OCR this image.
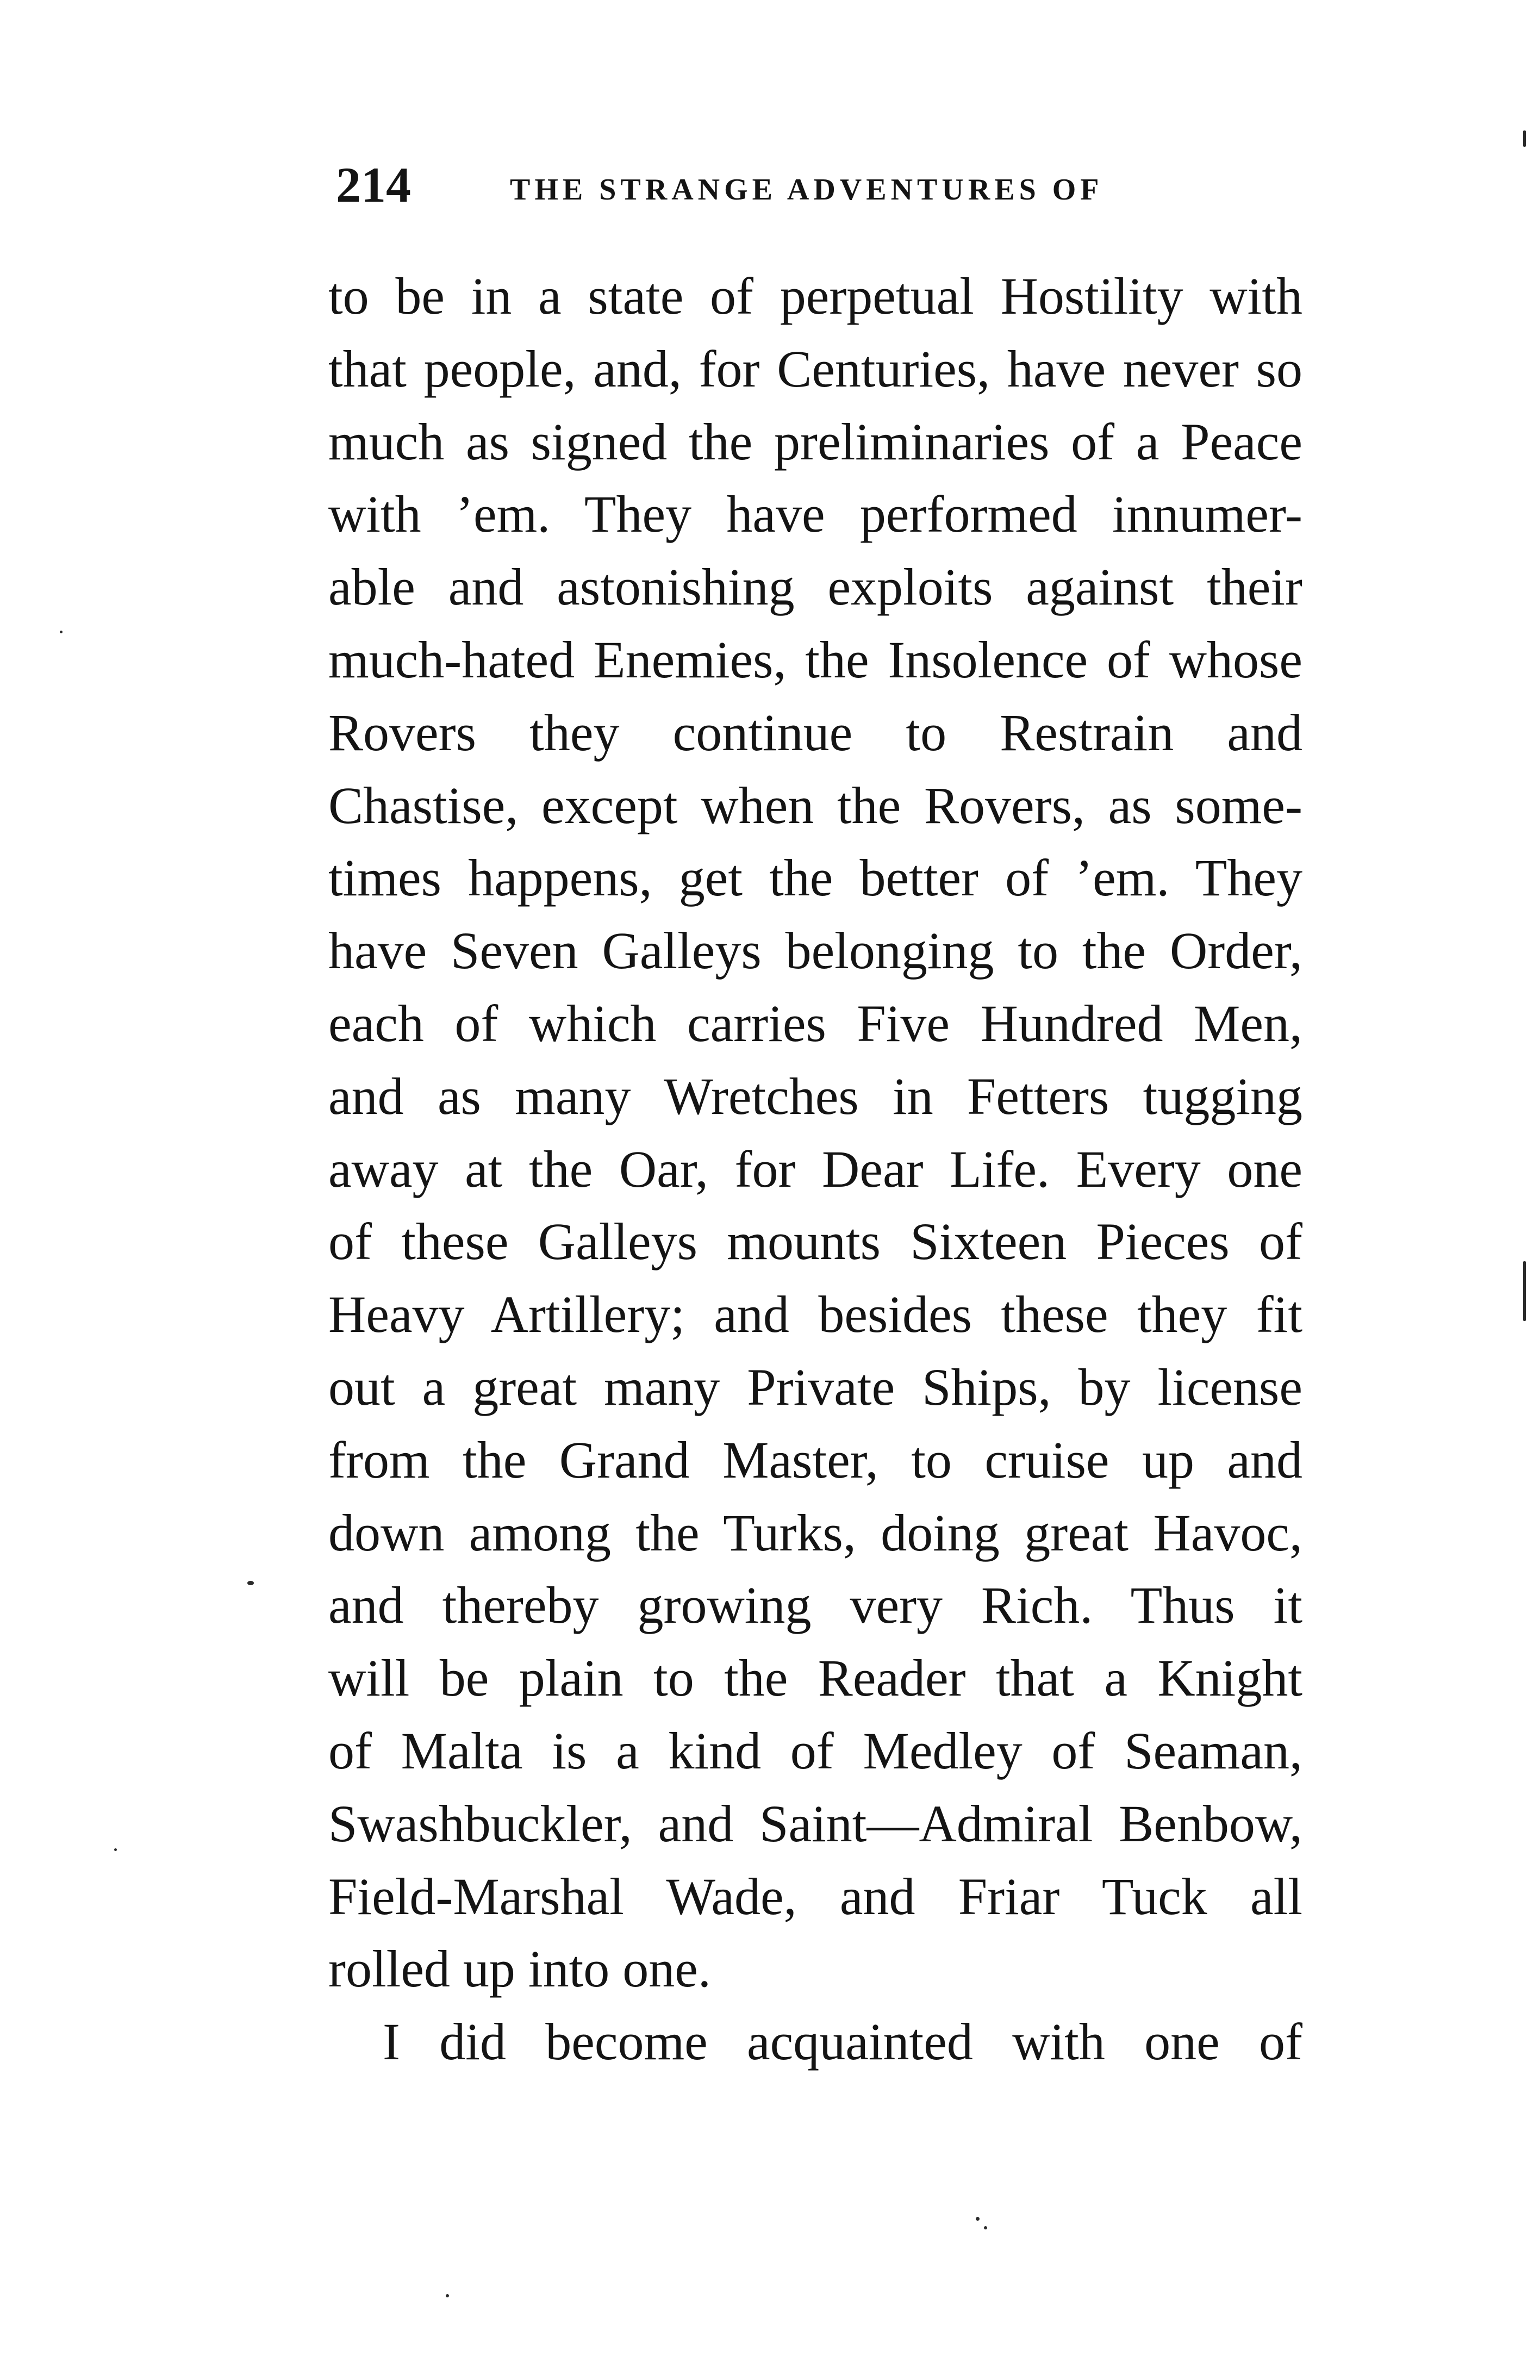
214	THE STRANGE ADVENTURES OF
to be in a state of perpetual Hostility with
that people, and, for Centuries, have never so
much as signed the preliminaries of a Peace
with ’em. They have performed innumer-
able and astonishing exploits against their
much-hated Enemies, the Insolence of whose
Rovers they continue to Restrain and
Chastise, except when the Rovers, as some-
times happens, get the better of ’em. They
have Seven Galleys belonging to the Order,
each of which carries Five Hundred Men,
and as many Wretches in Fetters tugging
away at the Oar, for Dear Life. Every one
of these Galleys mounts Sixteen Pieces of
Heavy Artillery; and besides these they fit
out a great many Private Ships, by license
from the Grand Master, to cruise up and
down among the Turks, doing great Havoc,
and thereby growing very Rich. Thus it
will be plain to the Reader that a Knight
of Malta is a kind of Medley of Seaman,
Swashbuckler, and Saint—Admiral Benbow,
Field-Marshal Wade, and Friar Tuck all
rolled up into one.
I did become acquainted with one of
